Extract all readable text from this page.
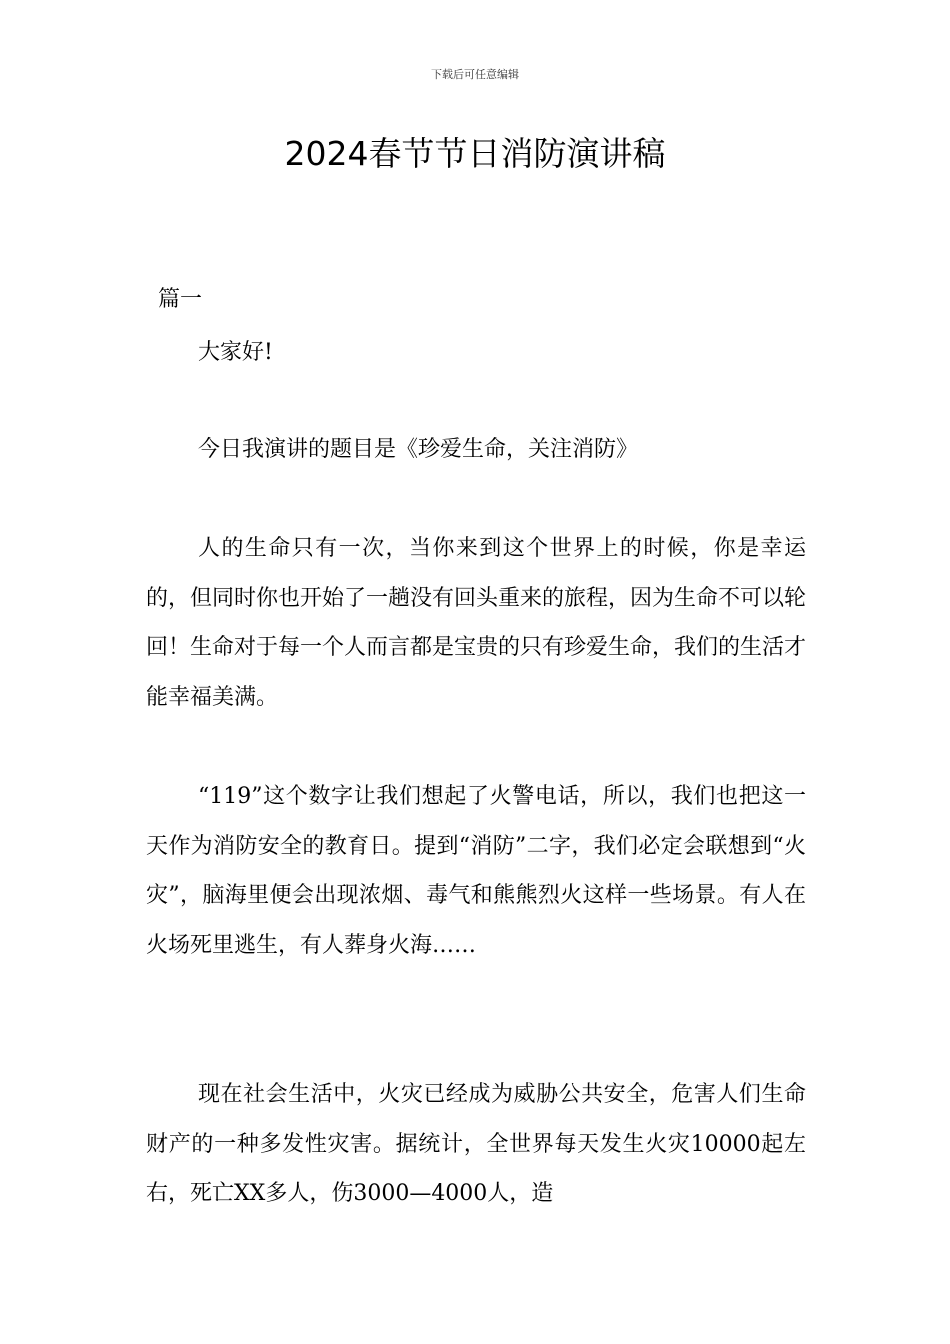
下载后可任意编辑
2024春节节日消防演讲稿
篇一

大家好!

今日我演讲的题目是《珍爱生命，关注消防》

人的生命只有一次，当你来到这个世界上的时候，你是幸运的，但同时你也开始了一趟没有回头重来的旅程，因为生命不可以轮回！生命对于每一个人而言都是宝贵的只有珍爱生命，我们的生活才能幸福美满。

“119”这个数字让我们想起了火警电话，所以，我们也把这一天作为消防安全的教育日。提到“消防”二字，我们必定会联想到“火灾”，脑海里便会出现浓烟、毒气和熊熊烈火这样一些场景。有人在火场死里逃生，有人葬身火海……

现在社会生活中，火灾已经成为威胁公共安全，危害人们生命财产的一种多发性灾害。据统计，全世界每天发生火灾10000起左右，死亡XX多人，伤3000—4000人，造
